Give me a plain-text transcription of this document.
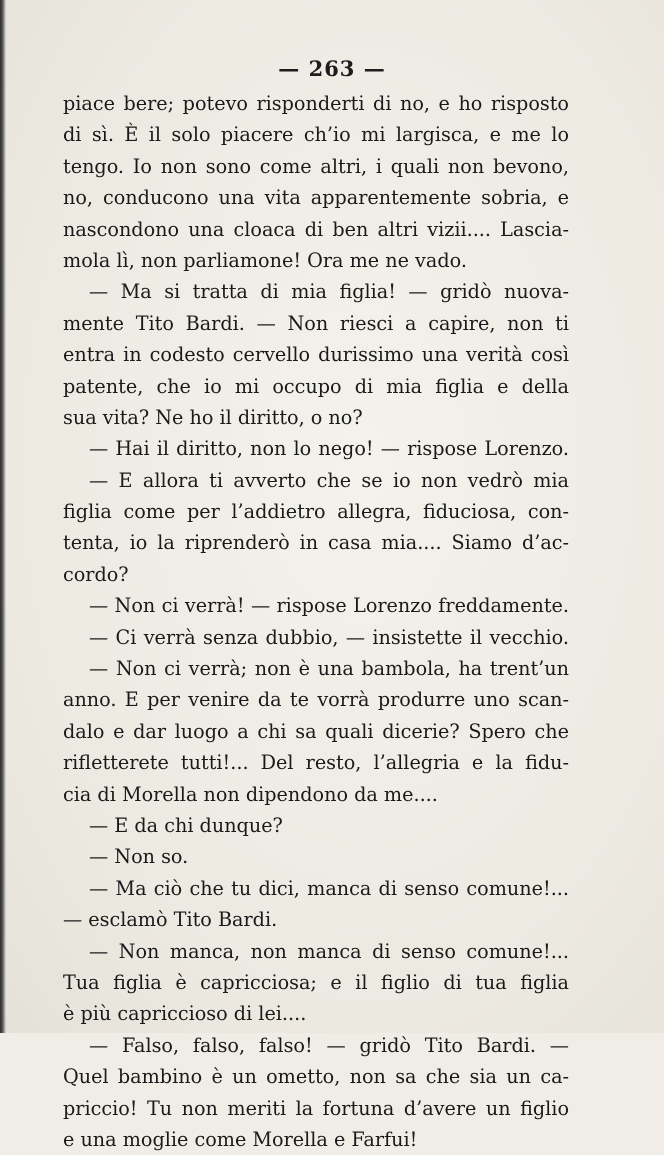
— 263 —
piace bere; potevo risponderti di no, e ho risposto
di sì. È il solo piacere ch’io mi largisca, e me lo
tengo. Io non sono come altri, i quali non bevono,
no, conducono una vita apparentemente sobria, e
nascondono una cloaca di ben altri vizii.... Lascia-
mola lì, non parliamone! Ora me ne vado.
— Ma si tratta di mia figlia! — gridò nuova-
mente Tito Bardi. — Non riesci a capire, non ti
entra in codesto cervello durissimo una verità così
patente, che io mi occupo di mia figlia e della
sua vita? Ne ho il diritto, o no?
— Hai il diritto, non lo nego! — rispose Lorenzo.
— E allora ti avverto che se io non vedrò mia
figlia come per l’addietro allegra, fiduciosa, con-
tenta, io la riprenderò in casa mia.... Siamo d’ac-
cordo?
— Non ci verrà! — rispose Lorenzo freddamente.
— Ci verrà senza dubbio, — insistette il vecchio.
— Non ci verrà; non è una bambola, ha trent’un
anno. E per venire da te vorrà produrre uno scan-
dalo e dar luogo a chi sa quali dicerie? Spero che
rifletterete tutti!... Del resto, l’allegria e la fidu-
cia di Morella non dipendono da me....
— E da chi dunque?
— Non so.
— Ma ciò che tu dici, manca di senso comune!...
— esclamò Tito Bardi.
— Non manca, non manca di senso comune!...
Tua figlia è capricciosa; e il figlio di tua figlia
è più capriccioso di lei....
— Falso, falso, falso! — gridò Tito Bardi. —
Quel bambino è un ometto, non sa che sia un ca-
priccio! Tu non meriti la fortuna d’avere un figlio
e una moglie come Morella e Farfui!
